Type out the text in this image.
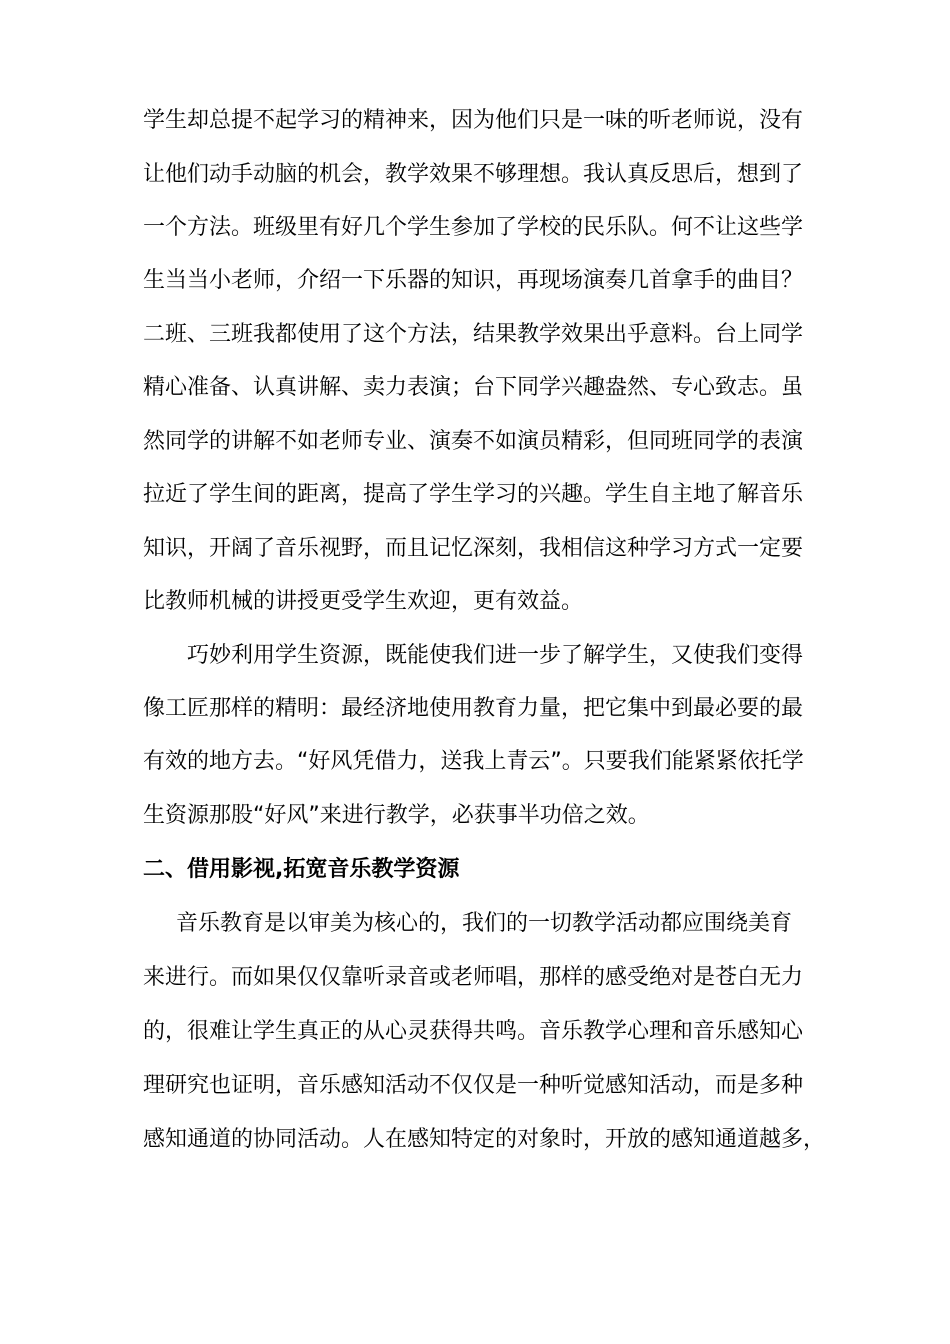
学生却总提不起学习的精神来，因为他们只是一味的听老师说，没有
让他们动手动脑的机会，教学效果不够理想。我认真反思后，想到了
一个方法。班级里有好几个学生参加了学校的民乐队。何不让这些学
生当当小老师，介绍一下乐器的知识，再现场演奏几首拿手的曲目？
二班、三班我都使用了这个方法，结果教学效果出乎意料。台上同学
精心准备、认真讲解、卖力表演；台下同学兴趣盎然、专心致志。虽
然同学的讲解不如老师专业、演奏不如演员精彩，但同班同学的表演
拉近了学生间的距离，提高了学生学习的兴趣。学生自主地了解音乐
知识，开阔了音乐视野，而且记忆深刻，我相信这种学习方式一定要
比教师机械的讲授更受学生欢迎，更有效益。
巧妙利用学生资源，既能使我们进一步了解学生，又使我们变得
像工匠那样的精明：最经济地使用教育力量，把它集中到最必要的最
有效的地方去。“好风凭借力，送我上青云”。只要我们能紧紧依托学
生资源那股“好风”来进行教学，必获事半功倍之效。
二、借用影视,拓宽音乐教学资源
音乐教育是以审美为核心的，我们的一切教学活动都应围绕美育
来进行。而如果仅仅靠听录音或老师唱，那样的感受绝对是苍白无力
的，很难让学生真正的从心灵获得共鸣。音乐教学心理和音乐感知心
理研究也证明，音乐感知活动不仅仅是一种听觉感知活动，而是多种
感知通道的协同活动。人在感知特定的对象时，开放的感知通道越多，
